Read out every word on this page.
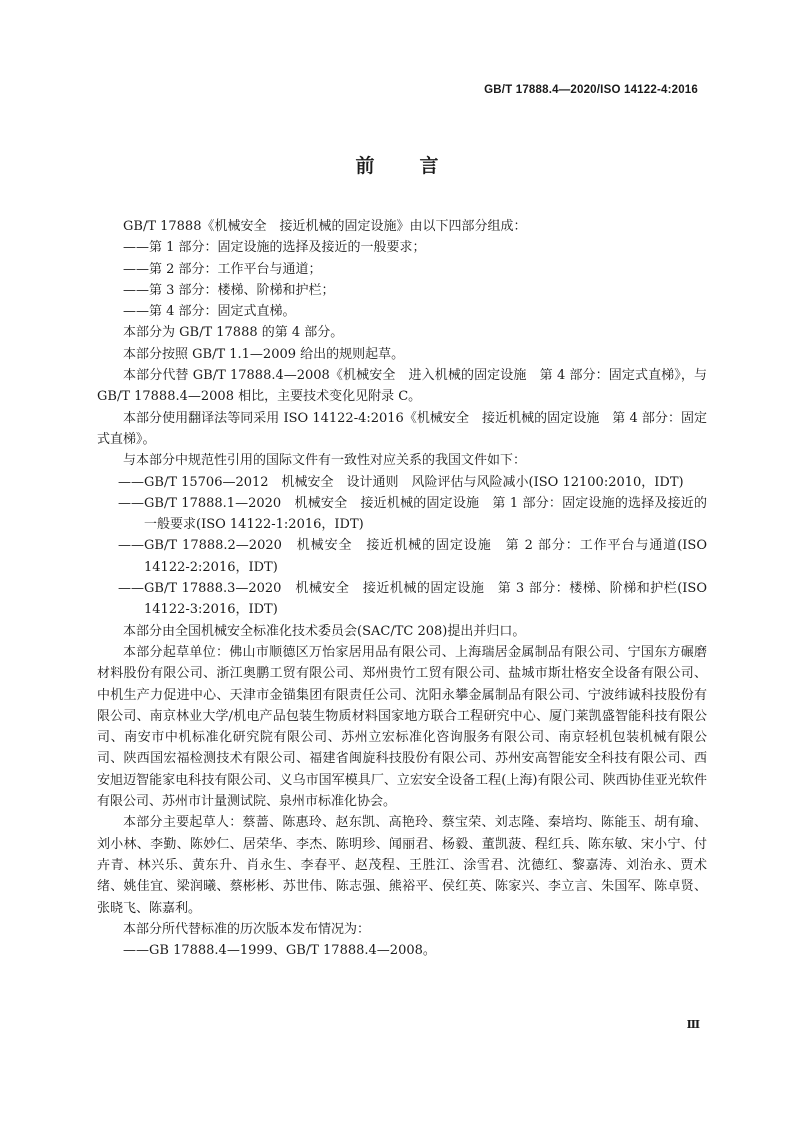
GB/T 17888.4—2020/ISO 14122-4:2016
前言

GB/T 17888《机械安全　接近机械的固定设施》由以下四部分组成：

——第 1 部分：固定设施的选择及接近的一般要求；

——第 2 部分：工作平台与通道；

——第 3 部分：楼梯、阶梯和护栏；

——第 4 部分：固定式直梯。

本部分为 GB/T 17888 的第 4 部分。

本部分按照 GB/T 1.1—2009 给出的规则起草。

本部分代替 GB/T 17888.4—2008《机械安全　进入机械的固定设施　第 4 部分：固定式直梯》，与 GB/T 17888.4—2008 相比，主要技术变化见附录 C。

本部分使用翻译法等同采用 ISO 14122-4:2016《机械安全　接近机械的固定设施　第 4 部分：固定式直梯》。

与本部分中规范性引用的国际文件有一致性对应关系的我国文件如下：

——GB/T 15706—2012　机械安全　设计通则　风险评估与风险减小(ISO 12100:2010，IDT)

——GB/T 17888.1—2020　机械安全　接近机械的固定设施　第 1 部分：固定设施的选择及接近的一般要求(ISO 14122-1:2016，IDT)

——GB/T 17888.2—2020　机械安全　接近机械的固定设施　第 2 部分：工作平台与通道(ISO 14122-2:2016，IDT)

——GB/T 17888.3—2020　机械安全　接近机械的固定设施　第 3 部分：楼梯、阶梯和护栏(ISO 14122-3:2016，IDT)

本部分由全国机械安全标准化技术委员会(SAC/TC 208)提出并归口。

本部分起草单位：佛山市顺德区万怡家居用品有限公司、上海瑞居金属制品有限公司、宁国东方碾磨材料股份有限公司、浙江奥鹏工贸有限公司、郑州贵竹工贸有限公司、盐城市斯壮格安全设备有限公司、中机生产力促进中心、天津市金锚集团有限责任公司、沈阳永攀金属制品有限公司、宁波纬诚科技股份有限公司、南京林业大学/机电产品包装生物质材料国家地方联合工程研究中心、厦门莱凯盛智能科技有限公司、南安市中机标准化研究院有限公司、苏州立宏标准化咨询服务有限公司、南京轻机包装机械有限公司、陕西国宏福检测技术有限公司、福建省闽旋科技股份有限公司、苏州安高智能安全科技有限公司、西安旭迈智能家电科技有限公司、义乌市国军模具厂、立宏安全设备工程(上海)有限公司、陕西协佳亚光软件有限公司、苏州市计量测试院、泉州市标准化协会。

本部分主要起草人：蔡蔷、陈惠玲、赵东凯、高艳玲、蔡宝荣、刘志隆、秦培均、陈能玉、胡有瑜、刘小林、李勤、陈妙仁、居荣华、李杰、陈明珍、闻丽君、杨毅、董凯菠、程红兵、陈东敏、宋小宁、付卉青、林兴乐、黄东升、肖永生、李春平、赵茂程、王胜江、涂雪君、沈德红、黎嘉涛、刘治永、贾术绪、姚佳宜、梁润曦、蔡彬彬、苏世伟、陈志强、熊裕平、侯红英、陈家兴、李立言、朱国军、陈卓贤、张晓飞、陈嘉利。

本部分所代替标准的历次版本发布情况为：

——GB 17888.4—1999、GB/T 17888.4—2008。

Ⅲ
